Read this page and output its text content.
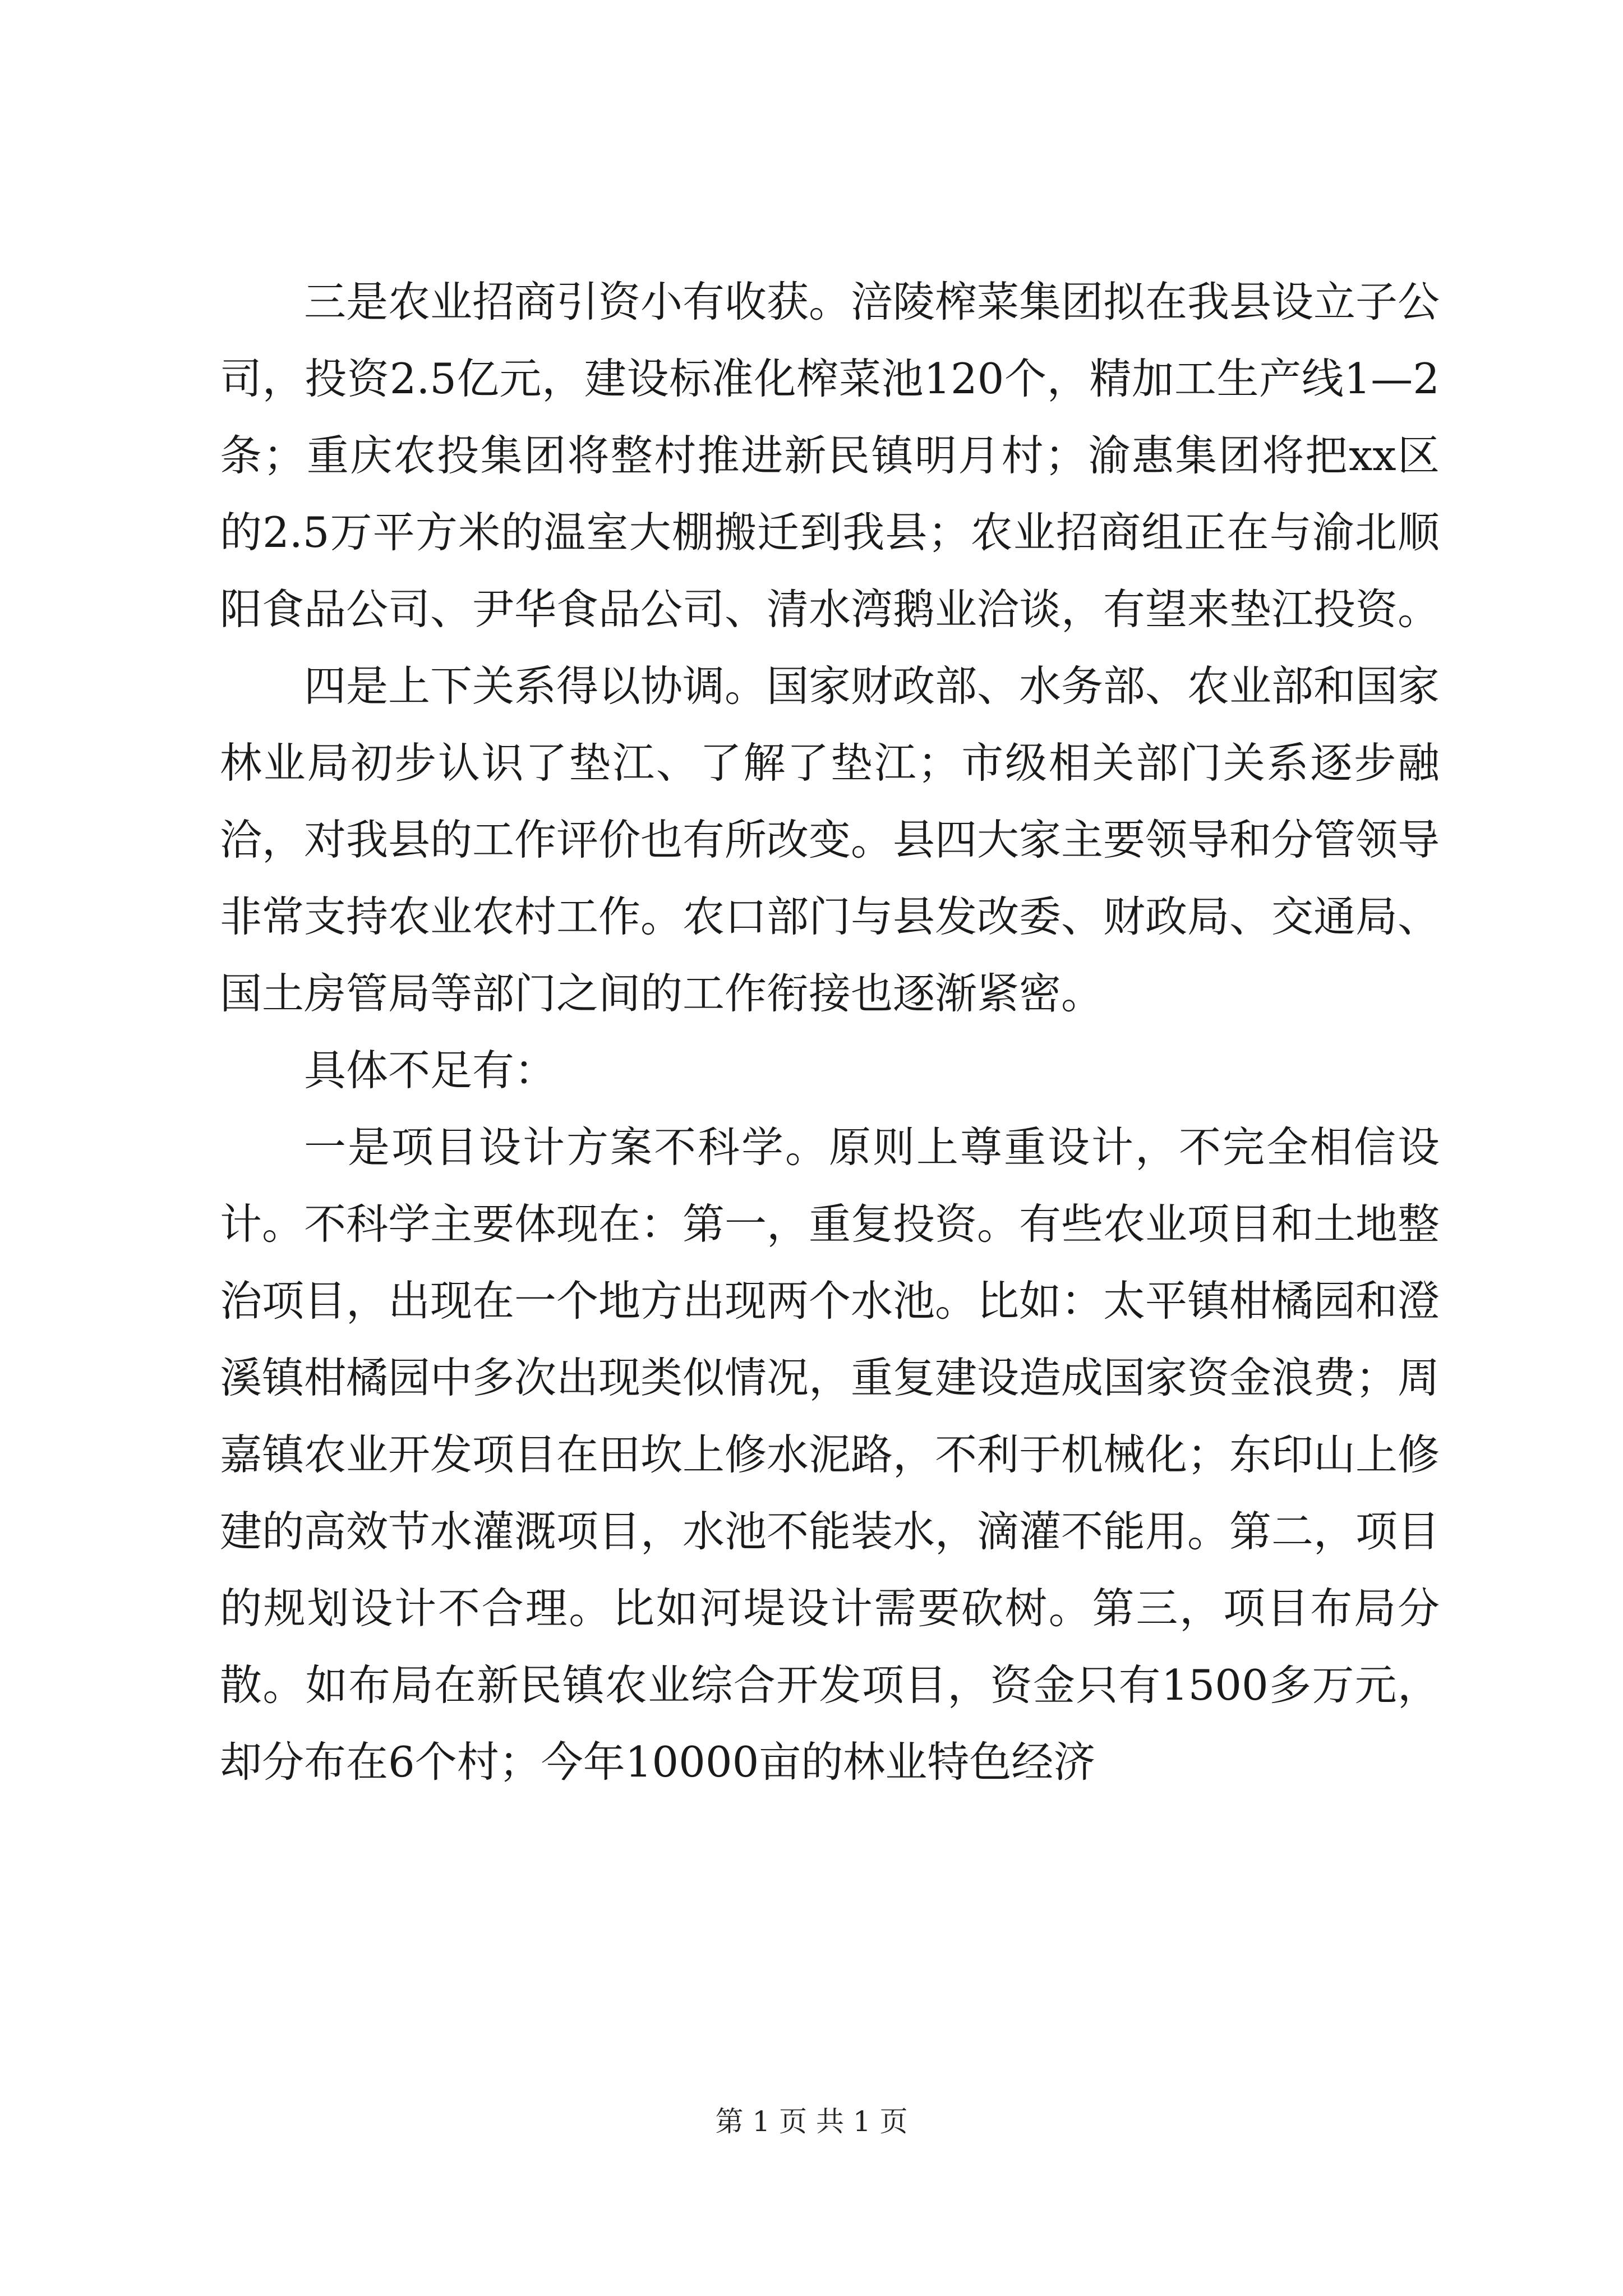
三是农业招商引资小有收获。涪陵榨菜集团拟在我县设立子公司，投资2.5亿元，建设标准化榨菜池120个，精加工生产线1—2条；重庆农投集团将整村推进新民镇明月村；渝惠集团将把xx区的2.5万平方米的温室大棚搬迁到我县；农业招商组正在与渝北顺阳食品公司、尹华食品公司、清水湾鹅业洽谈，有望来垫江投资。

四是上下关系得以协调。国家财政部、水务部、农业部和国家林业局初步认识了垫江、了解了垫江；市级相关部门关系逐步融洽，对我县的工作评价也有所改变。县四大家主要领导和分管领导非常支持农业农村工作。农口部门与县发改委、财政局、交通局、国土房管局等部门之间的工作衔接也逐渐紧密。

具体不足有：

一是项目设计方案不科学。原则上尊重设计，不完全相信设计。不科学主要体现在：第一，重复投资。有些农业项目和土地整治项目，出现在一个地方出现两个水池。比如：太平镇柑橘园和澄溪镇柑橘园中多次出现类似情况，重复建设造成国家资金浪费；周嘉镇农业开发项目在田坎上修水泥路，不利于机械化；东印山上修建的高效节水灌溉项目，水池不能装水，滴灌不能用。第二，项目的规划设计不合理。比如河堤设计需要砍树。第三，项目布局分散。如布局在新民镇农业综合开发项目，资金只有1500多万元，却分布在6个村；今年10000亩的林业特色经济

第 1 页 共 1 页
